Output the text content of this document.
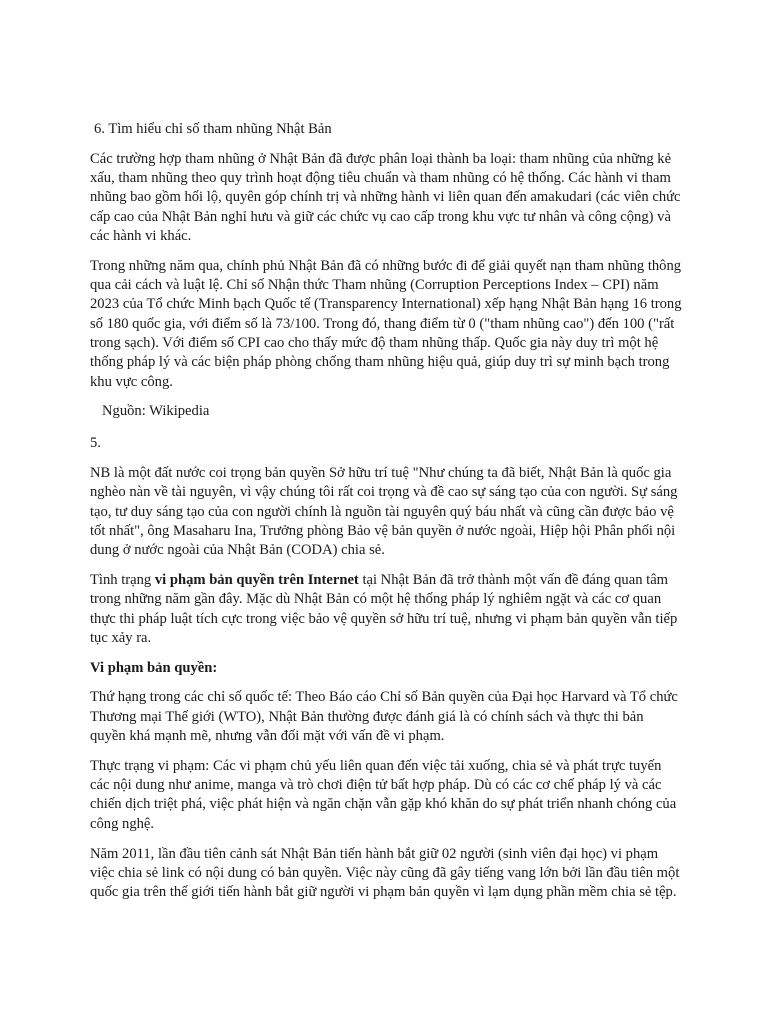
6. Tìm hiểu chỉ số tham nhũng Nhật Bản

Các trường hợp tham nhũng ở Nhật Bản đã được phân loại thành ba loại: tham nhũng của những kẻ xấu, tham nhũng theo quy trình hoạt động tiêu chuẩn và tham nhũng có hệ thống. Các hành vi tham nhũng bao gồm hối lộ, quyên góp chính trị và những hành vi liên quan đến amakudari (các viên chức cấp cao của Nhật Bản nghỉ hưu và giữ các chức vụ cao cấp trong khu vực tư nhân và công cộng) và các hành vi khác.

Trong những năm qua, chính phủ Nhật Bản đã có những bước đi để giải quyết nạn tham nhũng thông qua cải cách và luật lệ. Chỉ số Nhận thức Tham nhũng (Corruption Perceptions Index – CPI) năm 2023 của Tổ chức Minh bạch Quốc tế (Transparency International) xếp hạng Nhật Bản hạng 16 trong số 180 quốc gia, với điểm số là 73/100. Trong đó, thang điểm từ 0 ("tham nhũng cao") đến 100 ("rất trong sạch). Với điểm số CPI cao cho thấy mức độ tham nhũng thấp. Quốc gia này duy trì một hệ thống pháp lý và các biện pháp phòng chống tham nhũng hiệu quả, giúp duy trì sự minh bạch trong khu vực công.

Nguồn: Wikipedia

5.

NB là một đất nước coi trọng bản quyền Sở hữu trí tuệ "Như chúng ta đã biết, Nhật Bản là quốc gia nghèo nàn về tài nguyên, vì vậy chúng tôi rất coi trọng và đề cao sự sáng tạo của con người. Sự sáng tạo, tư duy sáng tạo của con người chính là nguồn tài nguyên quý báu nhất và cũng cần được bảo vệ tốt nhất", ông Masaharu Ina, Trưởng phòng Bảo vệ bản quyền ở nước ngoài, Hiệp hội Phân phối nội dung ở nước ngoài của Nhật Bản (CODA) chia sẻ.

Tình trạng vi phạm bản quyền trên Internet tại Nhật Bản đã trở thành một vấn đề đáng quan tâm trong những năm gần đây. Mặc dù Nhật Bản có một hệ thống pháp lý nghiêm ngặt và các cơ quan thực thi pháp luật tích cực trong việc bảo vệ quyền sở hữu trí tuệ, nhưng vi phạm bản quyền vẫn tiếp tục xảy ra.

Vi phạm bản quyền:

Thứ hạng trong các chỉ số quốc tế: Theo Báo cáo Chỉ số Bản quyền của Đại học Harvard và Tổ chức Thương mại Thế giới (WTO), Nhật Bản thường được đánh giá là có chính sách và thực thi bản quyền khá mạnh mẽ, nhưng vẫn đối mặt với vấn đề vi phạm.

Thực trạng vi phạm: Các vi phạm chủ yếu liên quan đến việc tải xuống, chia sẻ và phát trực tuyến các nội dung như anime, manga và trò chơi điện tử bất hợp pháp. Dù có các cơ chế pháp lý và các chiến dịch triệt phá, việc phát hiện và ngăn chặn vẫn gặp khó khăn do sự phát triển nhanh chóng của công nghệ.

Năm 2011, lần đầu tiên cảnh sát Nhật Bản tiến hành bắt giữ 02 người (sinh viên đại học) vi phạm việc chia sẻ link có nội dung có bản quyền. Việc này cũng đã gây tiếng vang lớn bởi lần đầu tiên một quốc gia trên thế giới tiến hành bắt giữ người vi phạm bản quyền vì lạm dụng phần mềm chia sẻ tệp.
